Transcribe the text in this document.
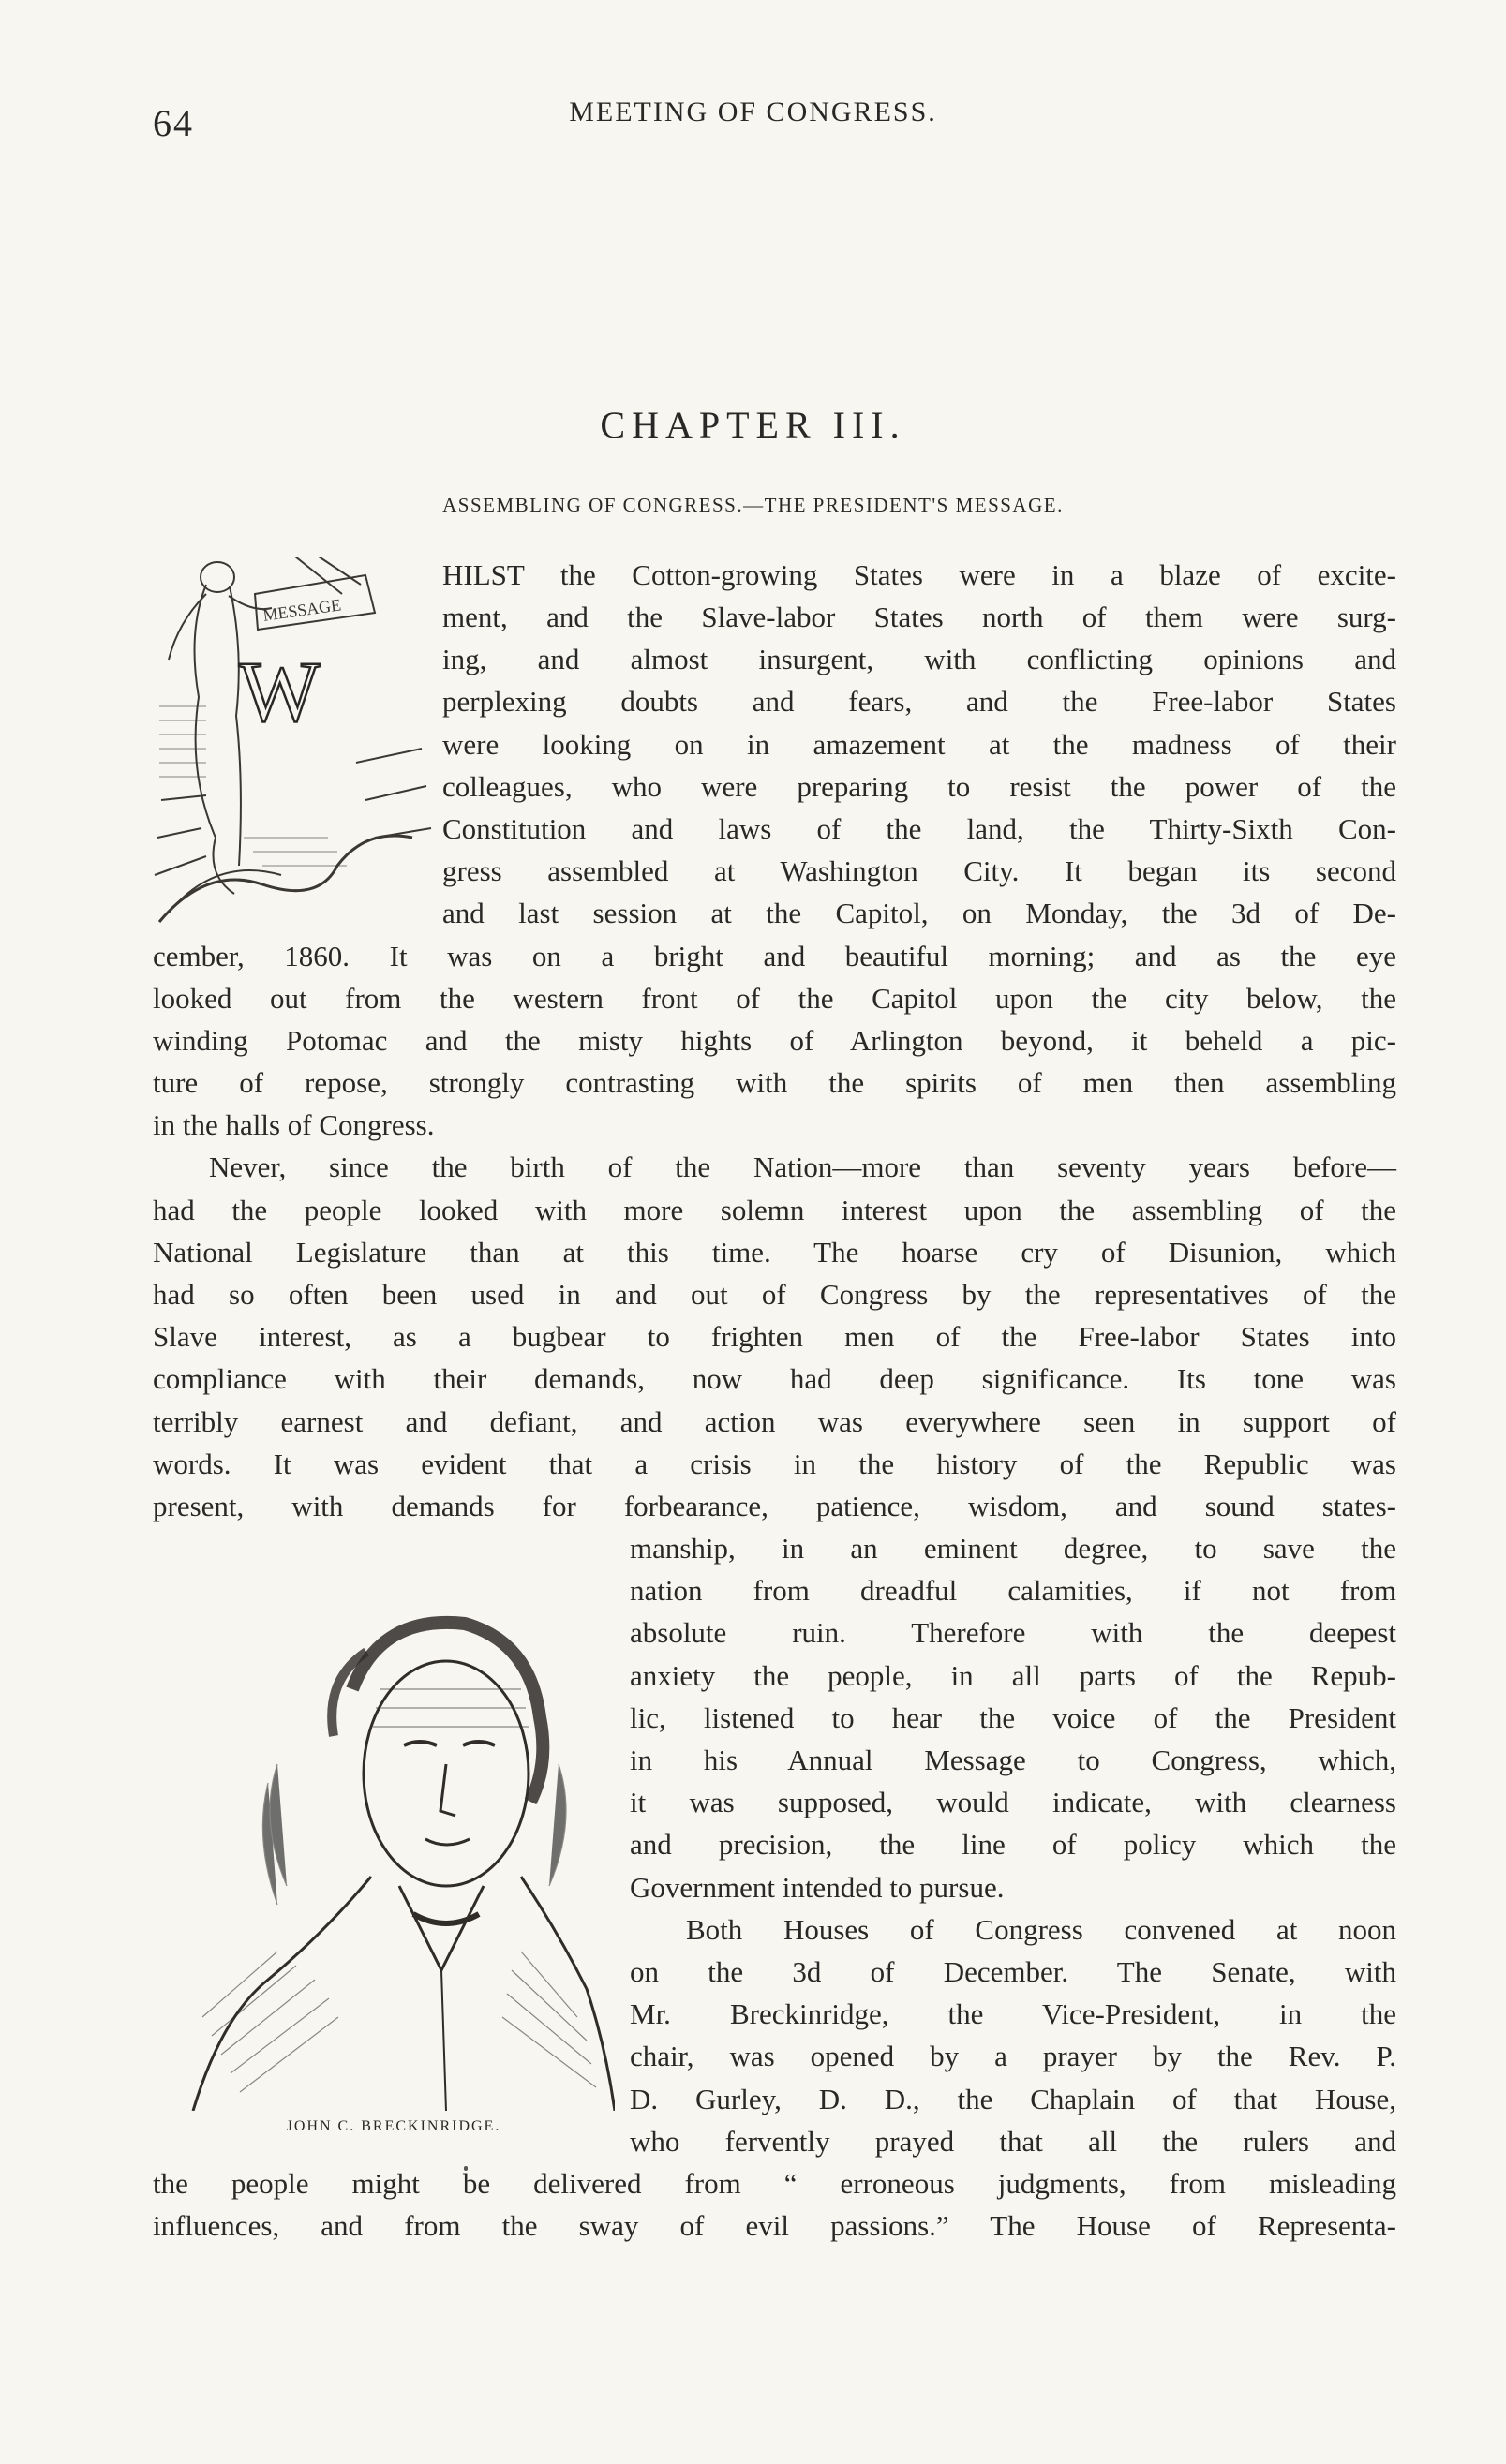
64	MEETING OF CONGRESS.
CHAPTER III.
ASSEMBLING OF CONGRESS.—THE PRESIDENT'S MESSAGE.
MESSAGE
W
JOHN C. BRECKINRIDGE.
HILST the Cotton-growing States were in a blaze of excite-
ment, and the Slave-labor States north of them were surg-
ing, and almost insurgent, with conflicting opinions and
perplexing doubts and fears, and the Free-labor States
were looking on in amazement at the madness of their
colleagues, who were preparing to resist the power of the
Constitution and laws of the land, the Thirty-Sixth Con-
gress assembled at Washington City. It began its second
and last session at the Capitol, on Monday, the 3d of De-
cember, 1860. It was on a bright and beautiful morning; and as the eye
looked out from the western front of the Capitol upon the city below, the
winding Potomac and the misty hights of Arlington beyond, it beheld a pic-
ture of repose, strongly contrasting with the spirits of men then assembling
in the halls of Congress.
Never, since the birth of the Nation—more than seventy years before—
had the people looked with more solemn interest upon the assembling of the
National Legislature than at this time. The hoarse cry of Disunion, which
had so often been used in and out of Congress by the representatives of the
Slave interest, as a bugbear to frighten men of the Free-labor States into
compliance with their demands, now had deep significance. Its tone was
terribly earnest and defiant, and action was everywhere seen in support of
words. It was evident that a crisis in the history of the Republic was
present, with demands for forbearance, patience, wisdom, and sound states-
manship, in an eminent degree, to save the
nation from dreadful calamities, if not from
absolute ruin. Therefore with the deepest
anxiety the people, in all parts of the Repub-
lic, listened to hear the voice of the President
in his Annual Message to Congress, which,
it was supposed, would indicate, with clearness
and precision, the line of policy which the
Government intended to pursue.
Both Houses of Congress convened at noon
on the 3d of December. The Senate, with
Mr. Breckinridge, the Vice-President, in the
chair, was opened by a prayer by the Rev. P.
D. Gurley, D. D., the Chaplain of that House,
who fervently prayed that all the rulers and
the people might be delivered from “ erroneous judgments, from misleading
influences, and from the sway of evil passions.” The House of Representa-
